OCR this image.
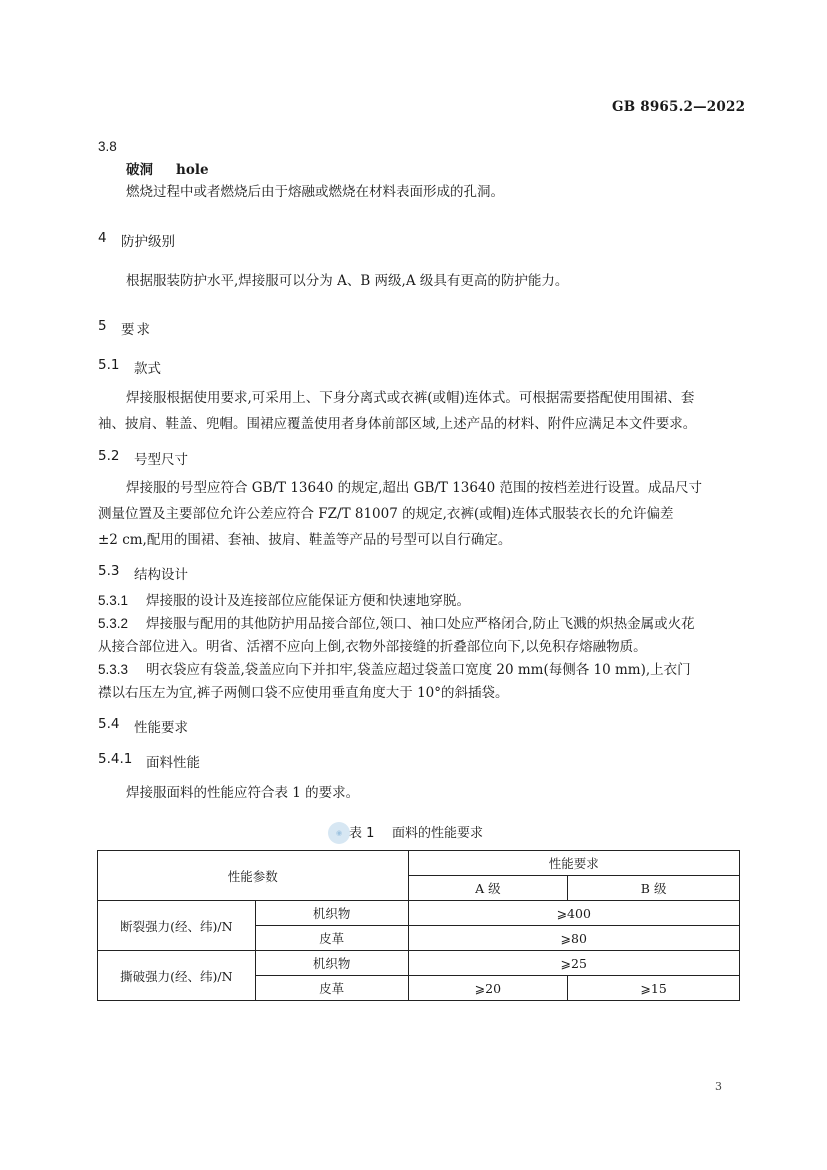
GB 8965.2—2022
3.8
破洞 hole
燃烧过程中或者燃烧后由于熔融或燃烧在材料表面形成的孔洞。
4 防护级别
根据服装防护水平,焊接服可以分为 A、B 两级,A 级具有更高的防护能力。
5 要求
5.1 款式
焊接服根据使用要求,可采用上、下身分离式或衣裤(或帽)连体式。可根据需要搭配使用围裙、套
袖、披肩、鞋盖、兜帽。围裙应覆盖使用者身体前部区域,上述产品的材料、附件应满足本文件要求。
5.2 号型尺寸
焊接服的号型应符合 GB/T 13640 的规定,超出 GB/T 13640 范围的按档差进行设置。成品尺寸
测量位置及主要部位允许公差应符合 FZ/T 81007 的规定,衣裤(或帽)连体式服装衣长的允许偏差
±2 cm,配用的围裙、套袖、披肩、鞋盖等产品的号型可以自行确定。
5.3 结构设计
5.3.1 焊接服的设计及连接部位应能保证方便和快速地穿脱。
5.3.2 焊接服与配用的其他防护用品接合部位,领口、袖口处应严格闭合,防止飞溅的炽热金属或火花
从接合部位进入。明省、活褶不应向上倒,衣物外部接缝的折叠部位向下,以免积存熔融物质。
5.3.3 明衣袋应有袋盖,袋盖应向下并扣牢,袋盖应超过袋盖口宽度 20 mm(每侧各 10 mm),上衣门
襟以右压左为宜,裤子两侧口袋不应使用垂直角度大于 10°的斜插袋。
5.4 性能要求
5.4.1 面料性能
焊接服面料的性能应符合表 1 的要求。
◉ 表 1 面料的性能要求
性能参数		性能要求	
		A 级	B 级
断裂强力(经、纬)/N	机织物	⩾400	
	皮革	⩾80	
撕破强力(经、纬)/N	机织物	⩾25	
	皮革	⩾20	⩾15
3
